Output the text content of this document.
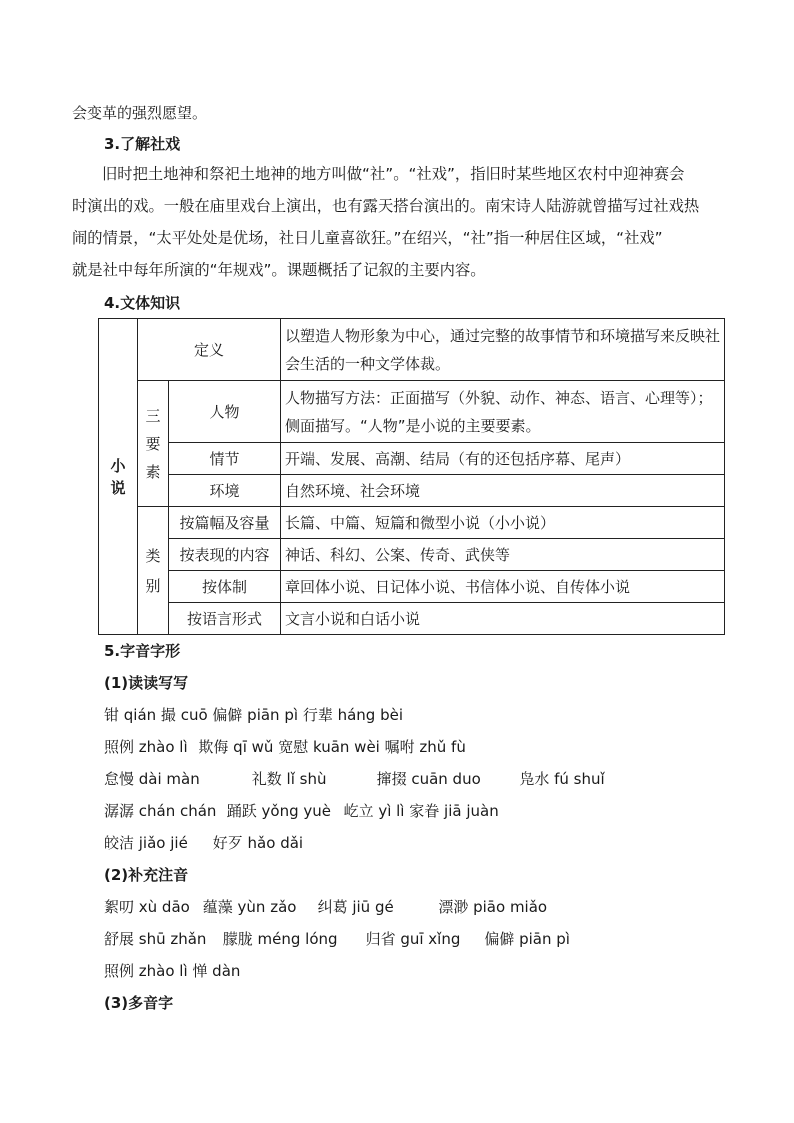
会变革的强烈愿望。
3.了解社戏
旧时把土地神和祭祀土地神的地方叫做“社”。“社戏”，指旧时某些地区农村中迎神赛会
时演出的戏。一般在庙里戏台上演出，也有露天搭台演出的。南宋诗人陆游就曾描写过社戏热
闹的情景，“太平处处是优场，社日儿童喜欲狂。”在绍兴，“社”指一种居住区域，“社戏”
就是社中每年所演的“年规戏”。课题概括了记叙的主要内容。
4.文体知识
小说	定义		以塑造人物形象为中心，通过完整的故事情节和环境描写来反映社会生活的一种文学体裁。

	三要素	人物	人物描写方法：正面描写（外貌、动作、神态、语言、心理等）；侧面描写。“人物”是小说的主要要素。
		情节	开端、发展、高潮、结局（有的还包括序幕、尾声）
		环境	自然环境、社会环境

	类别	按篇幅及容量	长篇、中篇、短篇和微型小说（小小说）
		按表现的内容	神话、科幻、公案、传奇、武侠等
		按体制	章回体小说、日记体小说、书信体小说、自传体小说
		按语言形式	文言小说和白话小说
5.字音字形
(1)读读写写
钳 qián 撮 cuō 偏僻 piān pì 行辈 háng bèi
照例 zhào lì 欺侮 qī wǔ 宽慰 kuān wèi 嘱咐 zhǔ fù
怠慢 dài màn	礼数 lǐ shù	撺掇 cuān duo	凫水 fú shuǐ
潺潺 chán chán 踊跃 yǒng yuè 屹立 yì lì 家眷 jiā juàn
皎洁 jiǎo jié 好歹 hǎo dǎi
(2)补充注音
絮叨 xù dāo 蕴藻 yùn zǎo 纠葛 jiū gé	漂渺 piāo miǎo
舒展 shū zhǎn 朦胧 méng lóng 归省 guī xǐng 偏僻 piān pì
照例 zhào lì 惮 dàn
(3)多音字
